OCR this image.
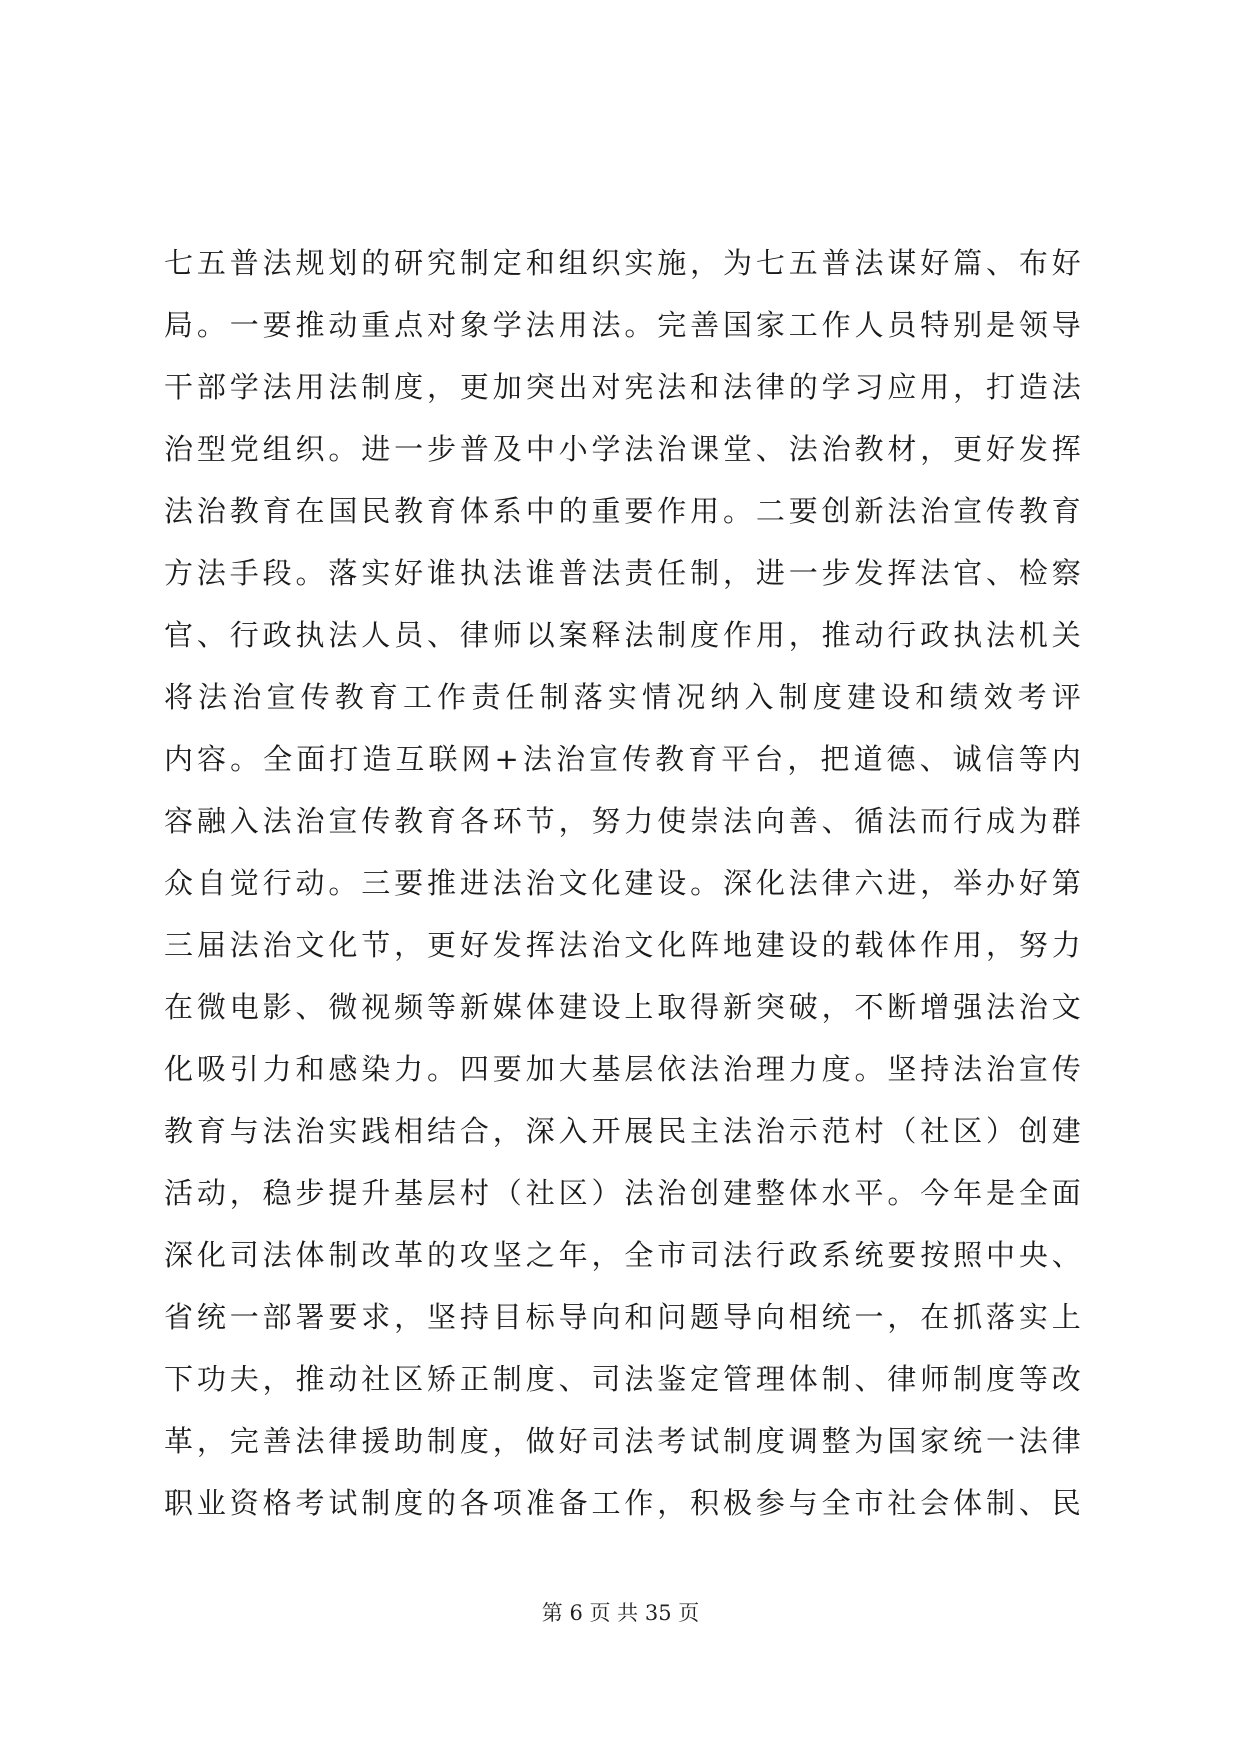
七五普法规划的研究制定和组织实施，为七五普法谋好篇、布好
局。一要推动重点对象学法用法。完善国家工作人员特别是领导
干部学法用法制度，更加突出对宪法和法律的学习应用，打造法
治型党组织。进一步普及中小学法治课堂、法治教材，更好发挥
法治教育在国民教育体系中的重要作用。二要创新法治宣传教育
方法手段。落实好谁执法谁普法责任制，进一步发挥法官、检察
官、行政执法人员、律师以案释法制度作用，推动行政执法机关
将法治宣传教育工作责任制落实情况纳入制度建设和绩效考评
内容。全面打造互联网+法治宣传教育平台，把道德、诚信等内
容融入法治宣传教育各环节，努力使崇法向善、循法而行成为群
众自觉行动。三要推进法治文化建设。深化法律六进，举办好第
三届法治文化节，更好发挥法治文化阵地建设的载体作用，努力
在微电影、微视频等新媒体建设上取得新突破，不断增强法治文
化吸引力和感染力。四要加大基层依法治理力度。坚持法治宣传
教育与法治实践相结合，深入开展民主法治示范村（社区）创建
活动，稳步提升基层村（社区）法治创建整体水平。今年是全面
深化司法体制改革的攻坚之年，全市司法行政系统要按照中央、
省统一部署要求，坚持目标导向和问题导向相统一，在抓落实上
下功夫，推动社区矫正制度、司法鉴定管理体制、律师制度等改
革，完善法律援助制度，做好司法考试制度调整为国家统一法律
职业资格考试制度的各项准备工作，积极参与全市社会体制、民
第 6 页 共 35 页
